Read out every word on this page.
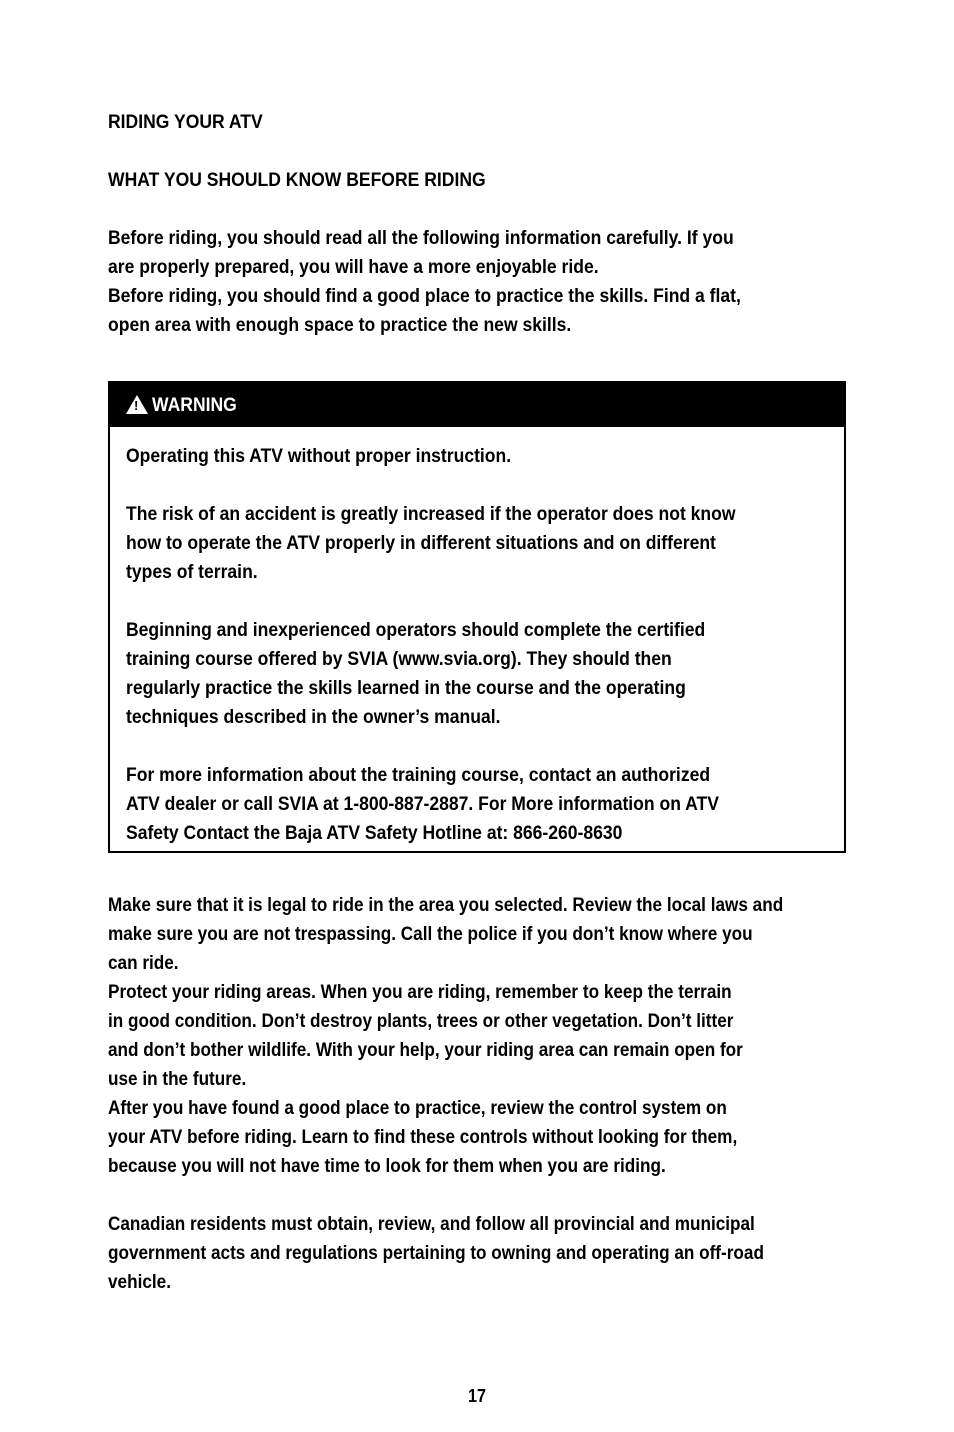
RIDING YOUR ATV
WHAT YOU SHOULD KNOW BEFORE RIDING
Before riding, you should read all the following information carefully. If you
are properly prepared, you will have a more enjoyable ride.
Before riding, you should find a good place to practice the skills. Find a flat,
open area with enough space to practice the new skills.
!
WARNING
Operating this ATV without proper instruction.
The risk of an accident is greatly increased if the operator does not know
how to operate the ATV properly in different situations and on different
types of terrain.
Beginning and inexperienced operators should complete the certified
training course offered by SVIA (www.svia.org). They should then
regularly practice the skills learned in the course and the operating
techniques described in the owner’s manual.
For more information about the training course, contact an authorized
ATV dealer or call SVIA at 1-800-887-2887. For More information on ATV
Safety Contact the Baja ATV Safety Hotline at: 866-260-8630
Make sure that it is legal to ride in the area you selected. Review the local laws and
make sure you are not trespassing. Call the police if you don’t know where you
can ride.
Protect your riding areas. When you are riding, remember to keep the terrain
in good condition. Don’t destroy plants, trees or other vegetation. Don’t litter
and don’t bother wildlife. With your help, your riding area can remain open for
use in the future.
After you have found a good place to practice, review the control system on
your ATV before riding. Learn to find these controls without looking for them,
because you will not have time to look for them when you are riding.
Canadian residents must obtain, review, and follow all provincial and municipal
government acts and regulations pertaining to owning and operating an off-road
vehicle.
17
